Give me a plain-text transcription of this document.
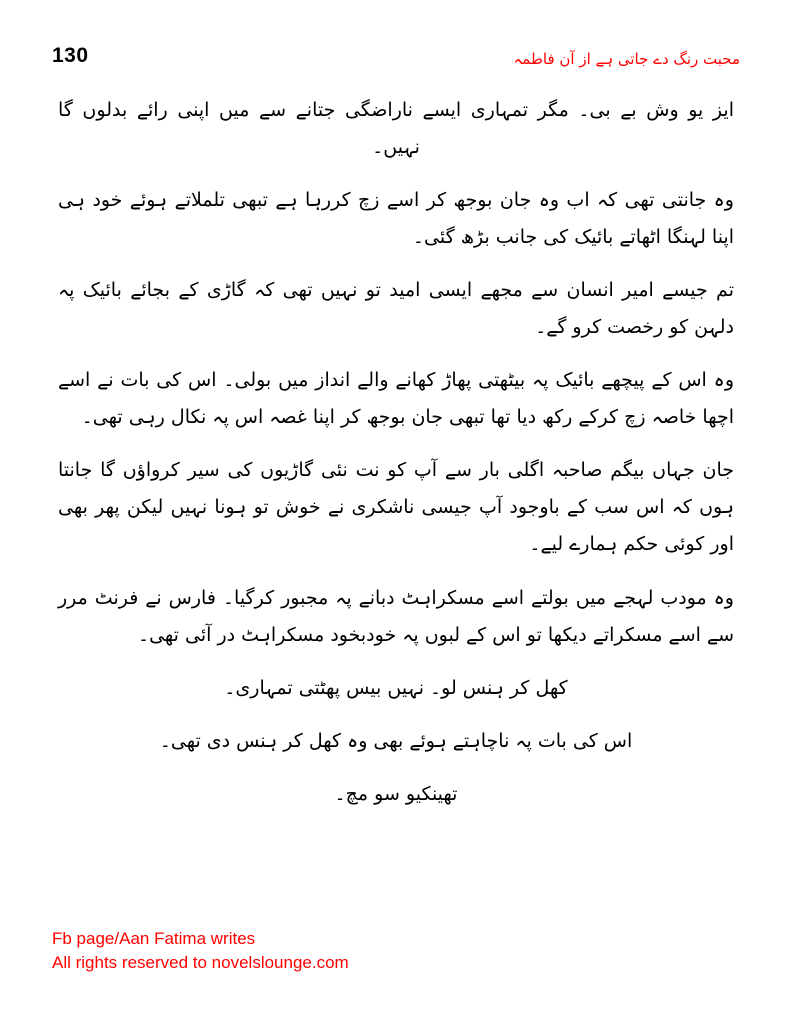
130	محبت رنگ دے جاتی ہے از آن فاطمہ

ایز یو وش بے بی۔ مگر تمہاری ایسے ناراضگی جتانے سے میں اپنی رائے بدلوں گا نہیں۔

وہ جانتی تھی کہ اب وہ جان بوجھ کر اسے زچ کررہا ہے تبھی تلملاتے ہوئے خود ہی اپنا لہنگا اٹھاتے بائیک کی جانب بڑھ گئی۔

تم جیسے امیر انسان سے مجھے ایسی امید تو نہیں تھی کہ گاڑی کے بجائے بائیک پہ دلہن کو رخصت کرو گے۔

وہ اس کے پیچھے بائیک پہ بیٹھتی پھاڑ کھانے والے انداز میں بولی۔ اس کی بات نے اسے اچھا خاصہ زچ کرکے رکھ دیا تھا تبھی جان بوجھ کر اپنا غصہ اس پہ نکال رہی تھی۔

جان جہاں بیگم صاحبہ اگلی بار سے آپ کو نت نئی گاڑیوں کی سیر کرواؤں گا جانتا ہوں کہ اس سب کے باوجود آپ جیسی ناشکری نے خوش تو ہونا نہیں لیکن پھر بھی اور کوئی حکم ہمارے لیے۔

وہ مودب لہجے میں بولتے اسے مسکراہٹ دبانے پہ مجبور کرگیا۔ فارس نے فرنٹ مرر سے اسے مسکراتے دیکھا تو اس کے لبوں پہ خودبخود مسکراہٹ در آئی تھی۔

کھل کر ہنس لو۔ نہیں بیس پھٹتی تمہاری۔

اس کی بات پہ ناچاہتے ہوئے بھی وہ کھل کر ہنس دی تھی۔

تھینکیو سو مچ۔

Fb page/Aan Fatima writes
All rights reserved to novelslounge.com
